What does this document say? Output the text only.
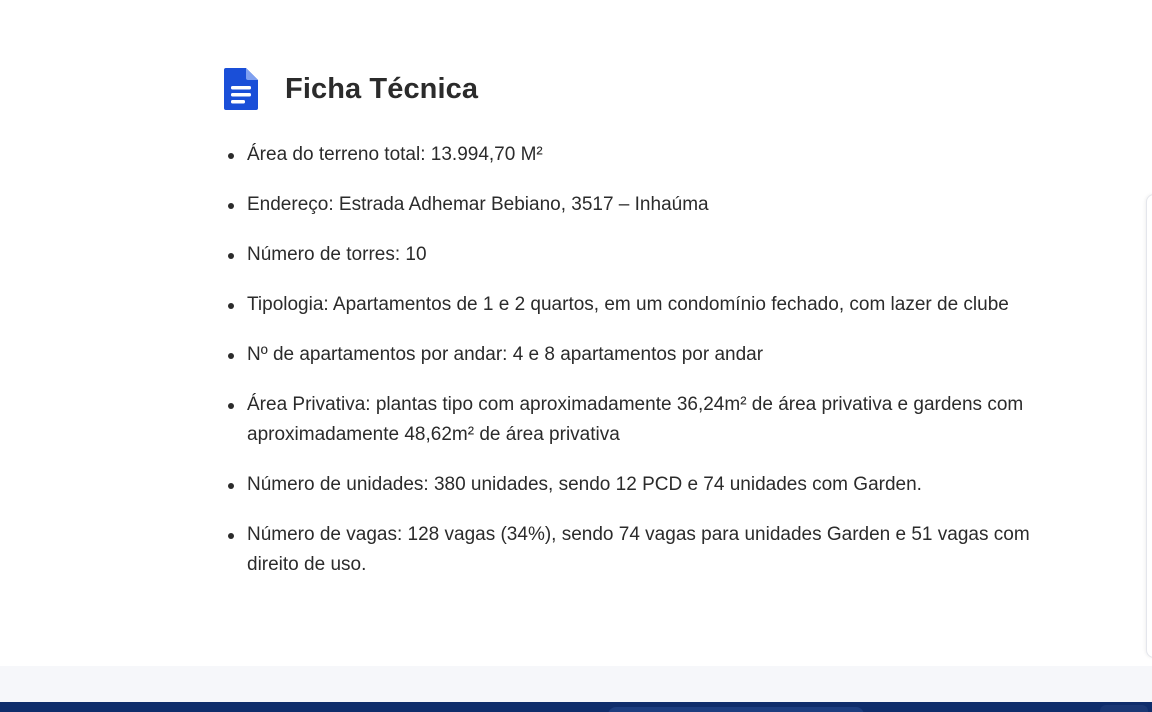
Ficha Técnica
Área do terreno total: 13.994,70 M²
Endereço: Estrada Adhemar Bebiano, 3517 – Inhaúma
Número de torres: 10
Tipologia: Apartamentos de 1 e 2 quartos, em um condomínio fechado, com lazer de clube
Nº de apartamentos por andar: 4 e 8 apartamentos por andar
Área Privativa: plantas tipo com aproximadamente 36,24m² de área privativa e gardens com aproximadamente 48,62m² de área privativa
Número de unidades: 380 unidades, sendo 12 PCD e 74 unidades com Garden.
Número de vagas: 128 vagas (34%), sendo 74 vagas para unidades Garden e 51 vagas com direito de uso.
